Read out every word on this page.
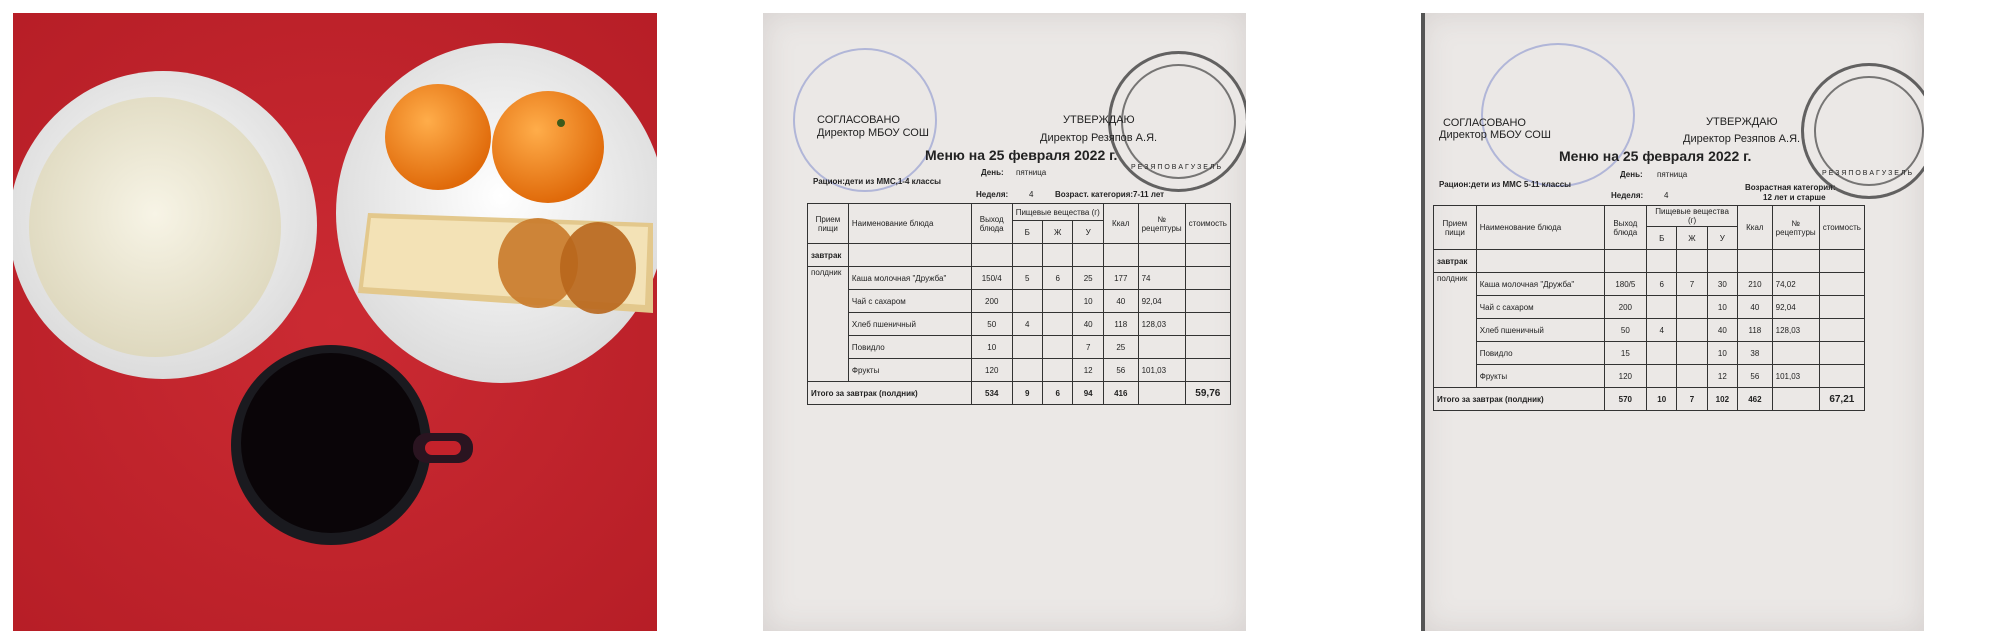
Р Е З Я П О В А Г У З Е Л Ь
СОГЛАСОВАНО
Директор МБОУ СОШ
УТВЕРЖДАЮ
Директор Резяпов А.Я.
Меню на 25 февраля 2022 г.
День: пятница
Рацион:дети из ММС,1-4 классы
Неделя:	4	Возраст. категория:7-11 лет
Прием пищи	Наименование блюда	Выход блюда	Пищевые вещества (г)			Ккал	№ рецептуры	стоимость
			Б	Ж	У			
завтрак								
полдник	Каша молочная "Дружба"	150/4	5	6	25	177	74	
	Чай с сахаром	200			10	40	92,04	
	Хлеб пшеничный	50	4		40	118	128,03	
	Повидло	10			7	25		
	Фрукты	120			12	56	101,03	
Итого за завтрак (полдник)		534	9	6	94	416		59,76
Р Е З Я П О В А Г У З Е Л Ь
СОГЛАСОВАНО
Директор МБОУ СОШ
УТВЕРЖДАЮ
Директор Резяпов А.Я.
Меню на 25 февраля 2022 г.
День: пятница
Рацион:дети из ММС 5-11 классы
Неделя:	4
Возрастная категория:
12 лет и старше
Прием пищи	Наименование блюда	Выход блюда	Пищевые вещества (г)			Ккал	№ рецептуры	стоимость
			Б	Ж	У			
завтрак								
полдник	Каша молочная "Дружба"	180/5	6	7	30	210	74,02	
	Чай с сахаром	200			10	40	92,04	
	Хлеб пшеничный	50	4		40	118	128,03	
	Повидло	15			10	38		
	Фрукты	120			12	56	101,03	
Итого за завтрак (полдник)		570	10	7	102	462		67,21
